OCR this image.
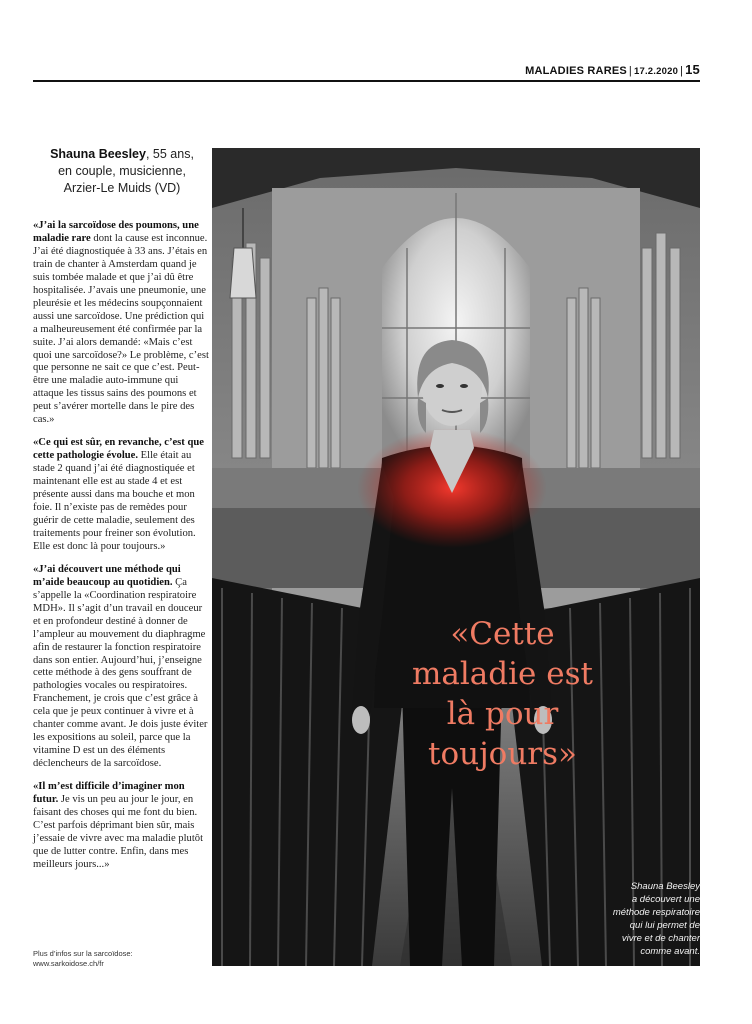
MALADIES RARES | 17.2.2020 | 15
Shauna Beesley, 55 ans,
en couple, musicienne,
Arzier-Le Muids (VD)

«J’ai la sarcoïdose des poumons, une maladie rare dont la cause est inconnue. J’ai été diagnostiquée à 33 ans. J’étais en train de chanter à Amsterdam quand je suis tombée malade et que j’ai dû être hospitalisée. J’avais une pneumonie, une pleurésie et les médecins soupçonnaient aussi une sarcoïdose. Une prédiction qui a malheureusement été confirmée par la suite. J’ai alors demandé: «Mais c’est quoi une sarcoïdose?» Le problème, c’est que personne ne sait ce que c’est. Peut-être une maladie auto-immune qui attaque les tissus sains des poumons et peut s’avérer mortelle dans le pire des cas.»

«Ce qui est sûr, en revanche, c’est que cette pathologie évolue. Elle était au stade 2 quand j’ai été diagnostiquée et maintenant elle est au stade 4 et est présente aussi dans ma bouche et mon foie. Il n’existe pas de remèdes pour guérir de cette maladie, seulement des traitements pour freiner son évolution. Elle est donc là pour toujours.»

«J’ai découvert une méthode qui m’aide beaucoup au quotidien. Ça s’appelle la «Coordination respiratoire MDH». Il s’agit d’un travail en douceur et en profondeur destiné à donner de l’ampleur au mouvement du diaphragme afin de restaurer la fonction respiratoire dans son entier. Aujourd’hui, j’enseigne cette méthode à des gens souffrant de pathologies vocales ou respiratoires. Franchement, je crois que c’est grâce à cela que je peux continuer à vivre et à chanter comme avant. Je dois juste éviter les expositions au soleil, parce que la vitamine D est un des éléments déclencheurs de la sarcoïdose.

«Il m’est difficile d’imaginer mon futur. Je vis un peu au jour le jour, en faisant des choses qui me font du bien. C’est parfois déprimant bien sûr, mais j’essaie de vivre avec ma maladie plutôt que de lutter contre. Enfin, dans mes meilleurs jours...»

Plus d’infos sur la sarcoïdose:
www.sarkoidose.ch/fr
«Cette
maladie est
là pour
toujours»
Shauna Beesley
a découvert une
méthode respiratoire
qui lui permet de
vivre et de chanter
comme avant.
